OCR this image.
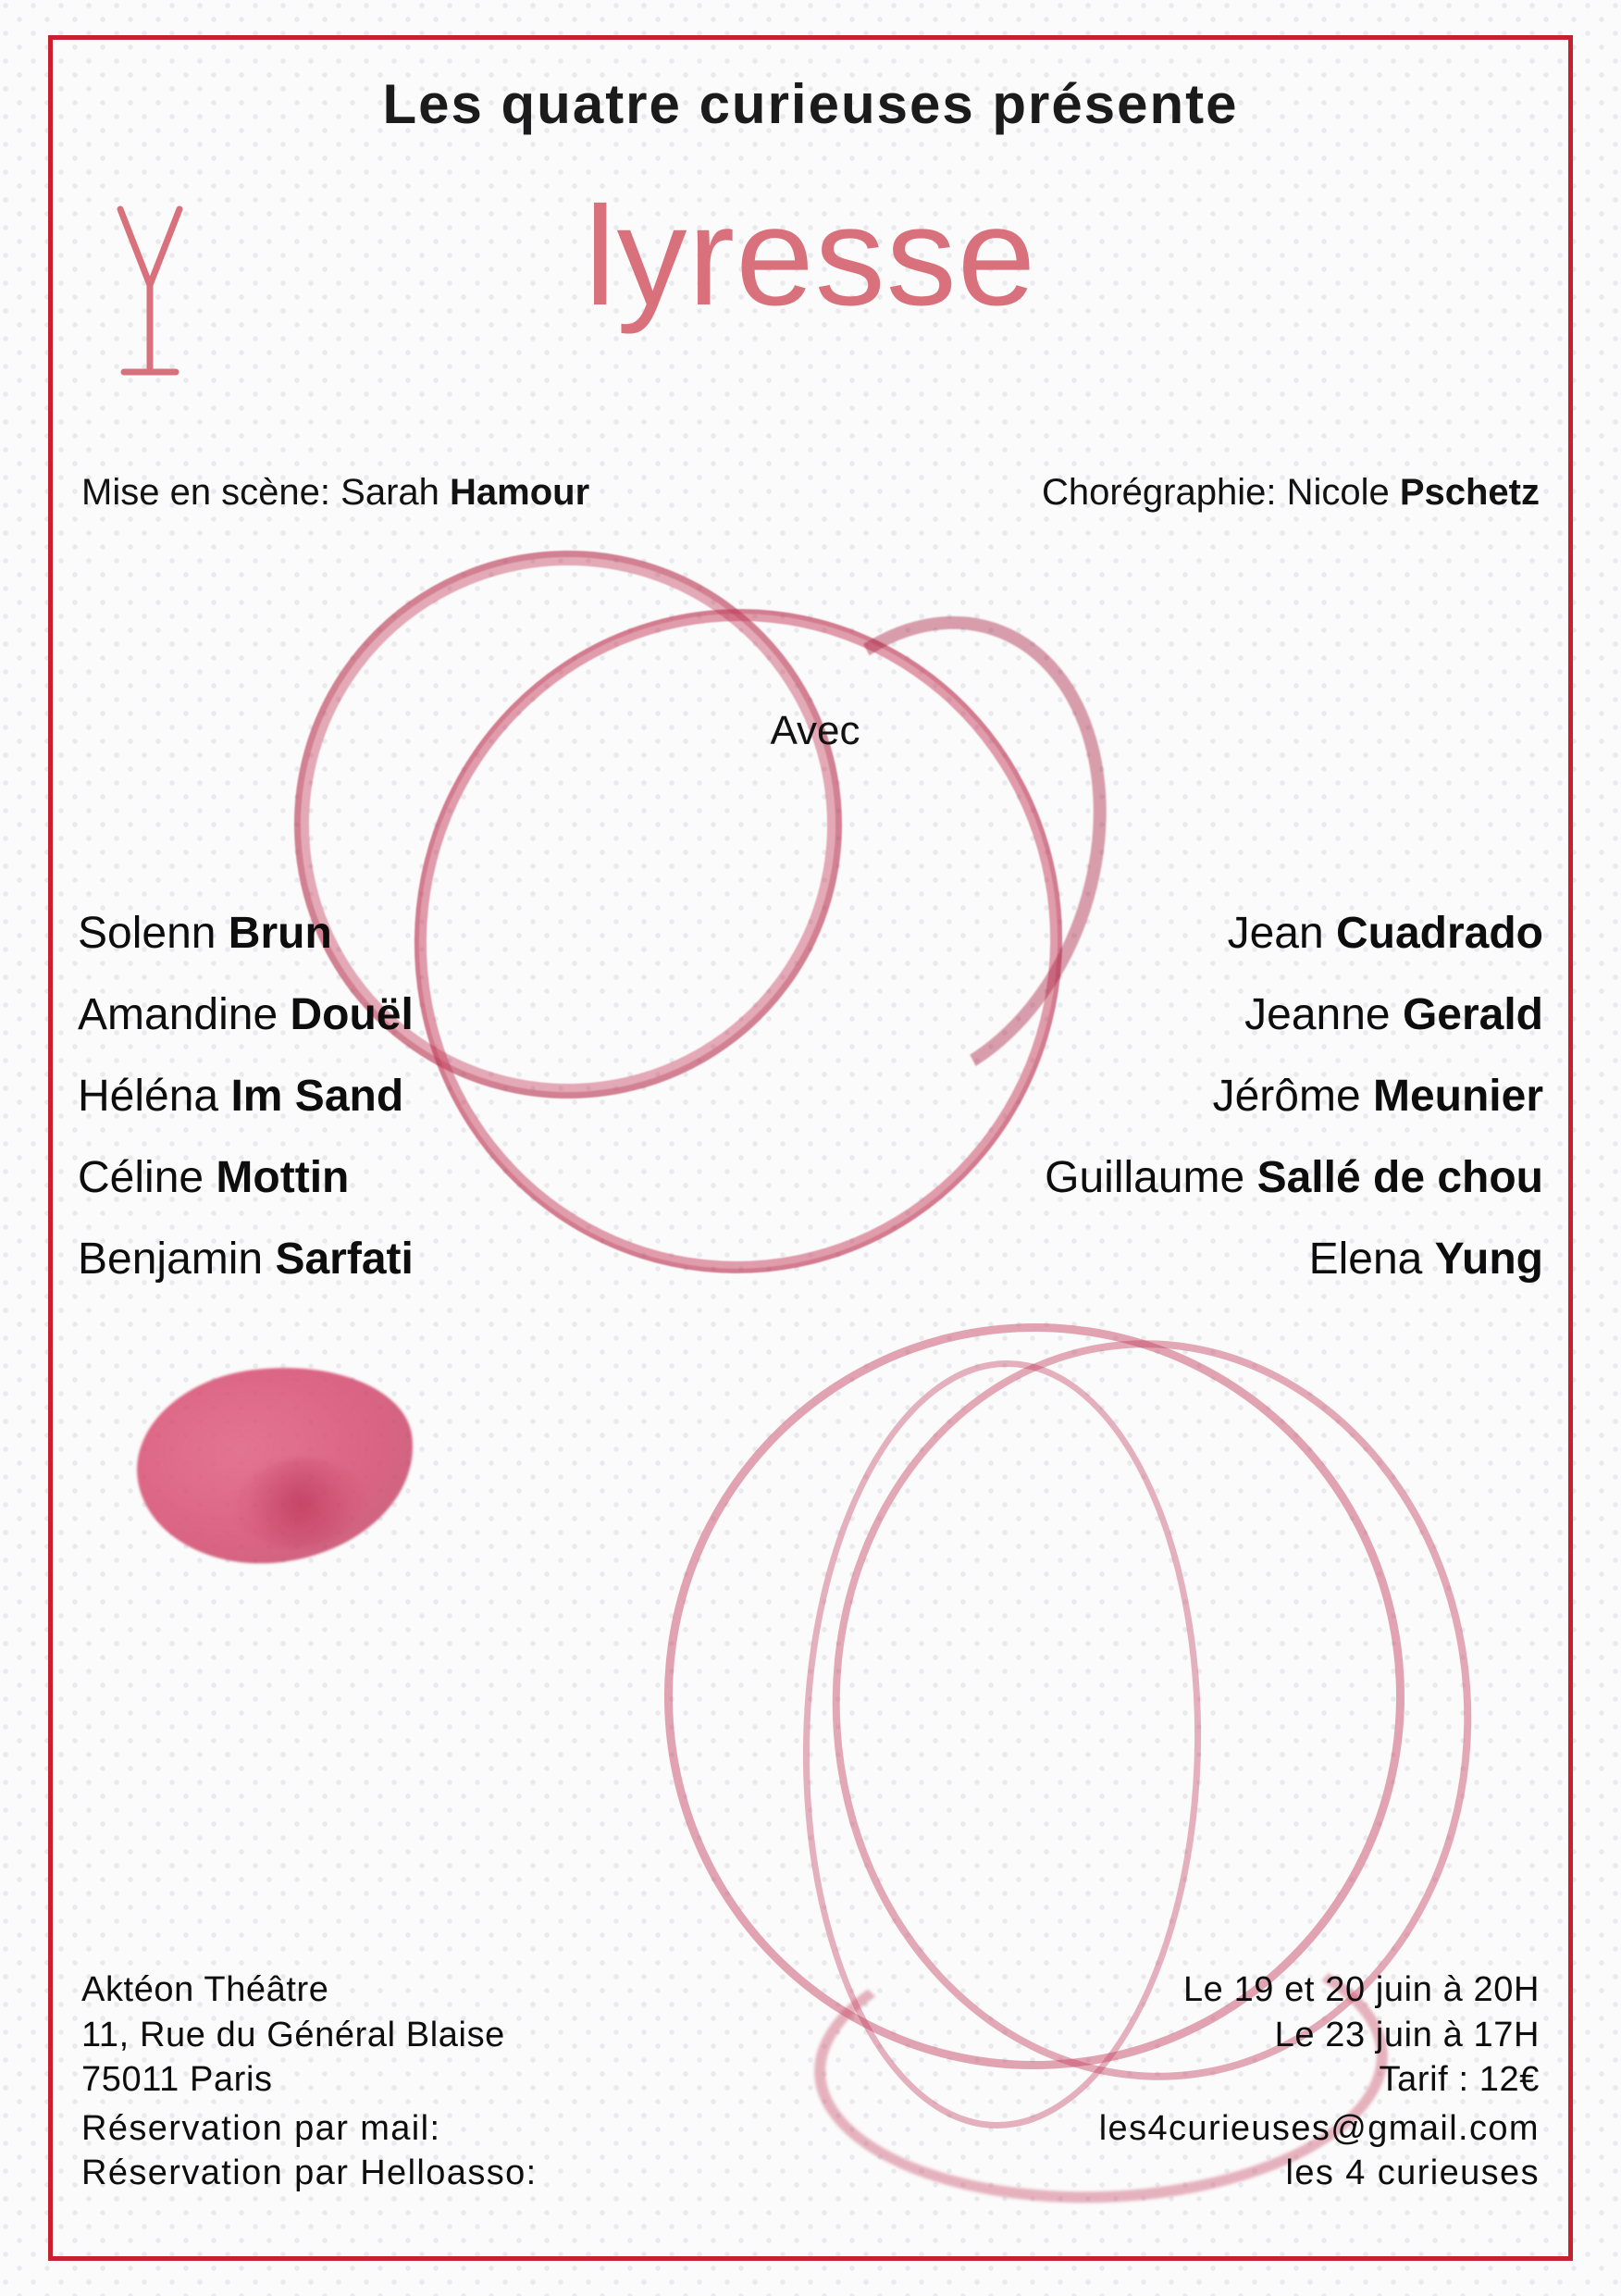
Les quatre curieuses présente
lyresse
Mise en scène: Sarah Hamour	Chorégraphie: Nicole Pschetz
Avec
Solenn Brun	Jean Cuadrado
Amandine Douël	Jeanne Gerald
Héléna Im Sand	Jérôme Meunier
Céline Mottin	Guillaume Sallé de chou
Benjamin Sarfati	Elena Yung
Aktéon Théâtre
11, Rue du Général Blaise
75011 Paris
Le 19 et 20 juin à 20H
Le 23 juin à 17H
Tarif : 12€
Réservation par mail:	les4curieuses@gmail.com
Réservation par Helloasso:	les 4 curieuses
